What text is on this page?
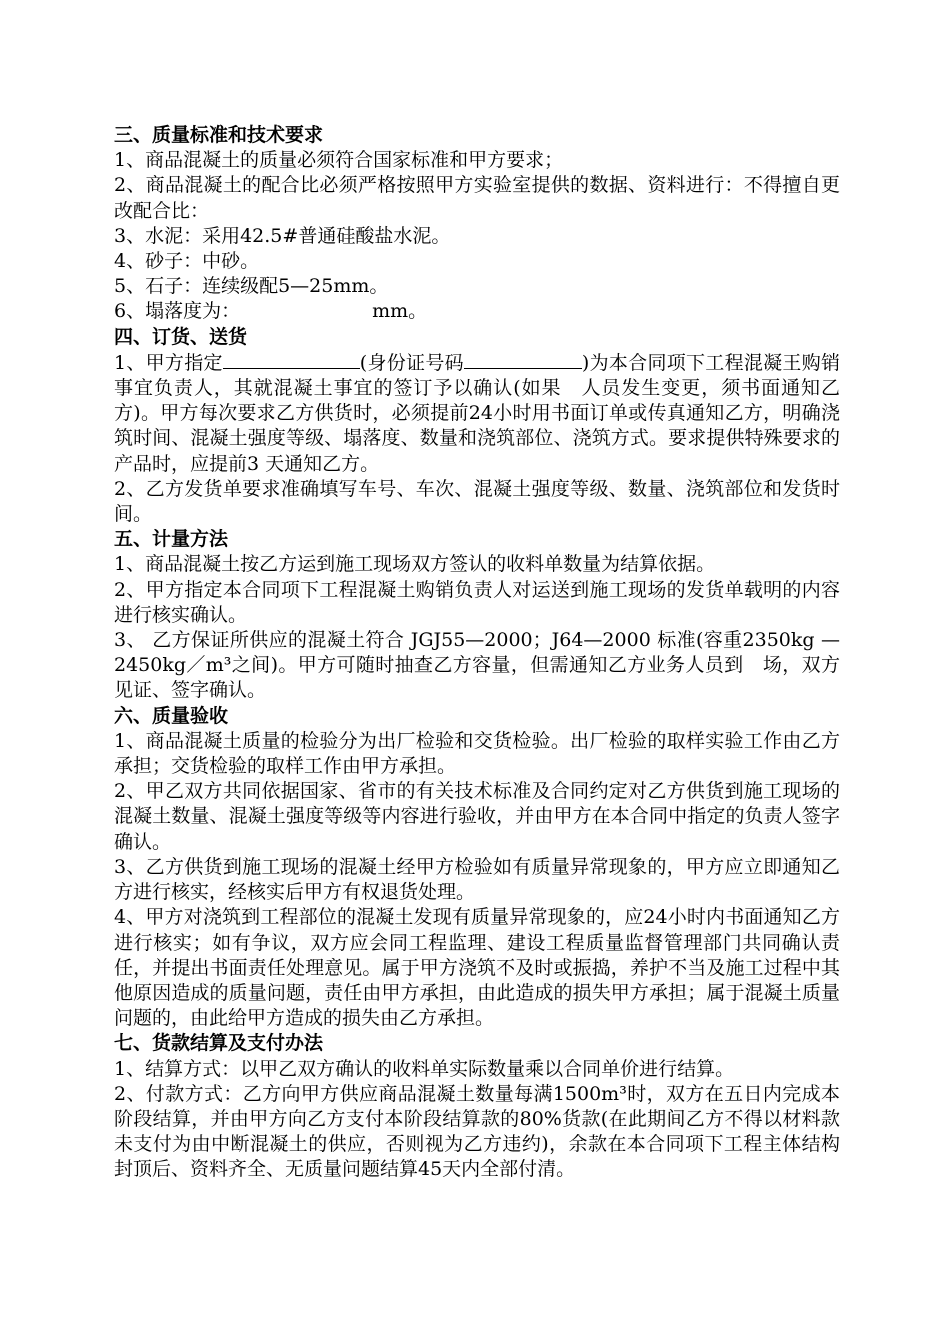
三、质量标准和技术要求

1、商品混凝土的质量必须符合国家标准和甲方要求；

2、商品混凝土的配合比必须严格按照甲方实验室提供的数据、资料进行：不得擅自更改配合比：

3、水泥：采用42.5#普通硅酸盐水泥。

4、砂子：中砂。

5、石子：连续级配5—25mm。

6、塌落度为：	mm。

四、订货、送货

1、甲方指定	(身份证号码	)为本合同项下工程混凝王购销事宜负责人，其就混凝土事宜的签订予以确认(如果　人员发生变更，须书面通知乙方)。甲方每次要求乙方供货时，必须提前24小时用书面订单或传真通知乙方，明确浇筑时间、混凝土强度等级、塌落度、数量和浇筑部位、浇筑方式。要求提供特殊要求的产品时，应提前3 天通知乙方。

2、乙方发货单要求准确填写车号、车次、混凝土强度等级、数量、浇筑部位和发货时间。

五、计量方法

1、商品混凝土按乙方运到施工现场双方签认的收料单数量为结算依据。

2、甲方指定本合同项下工程混凝土购销负责人对运送到施工现场的发货单载明的内容进行核实确认。

3、 乙方保证所供应的混凝土符合 JGJ55—2000；J64—2000 标准(容重2350kg —2450kg／m³之间)。甲方可随时抽查乙方容量，但需通知乙方业务人员到　场，双方见证、签字确认。

六、质量验收

1、商品混凝土质量的检验分为出厂检验和交货检验。出厂检验的取样实验工作由乙方承担；交货检验的取样工作由甲方承担。

2、甲乙双方共同依据国家、省市的有关技术标准及合同约定对乙方供货到施工现场的混凝土数量、混凝土强度等级等内容进行验收，并由甲方在本合同中指定的负责人签字确认。

3、乙方供货到施工现场的混凝土经甲方检验如有质量异常现象的，甲方应立即通知乙方进行核实，经核实后甲方有权退货处理。

4、甲方对浇筑到工程部位的混凝土发现有质量异常现象的，应24小时内书面通知乙方进行核实；如有争议，双方应会同工程监理、建设工程质量监督管理部门共同确认责任，并提出书面责任处理意见。属于甲方浇筑不及时或振捣，养护不当及施工过程中其他原因造成的质量问题，责任由甲方承担，由此造成的损失甲方承担；属于混凝土质量问题的，由此给甲方造成的损失由乙方承担。

七、货款结算及支付办法

1、结算方式：以甲乙双方确认的收料单实际数量乘以合同单价进行结算。

2、付款方式：乙方向甲方供应商品混凝土数量每满1500m³时，双方在五日内完成本阶段结算，并由甲方向乙方支付本阶段结算款的80%货款(在此期间乙方不得以材料款未支付为由中断混凝土的供应，否则视为乙方违约)，余款在本合同项下工程主体结构封顶后、资料齐全、无质量问题结算45天内全部付清。
